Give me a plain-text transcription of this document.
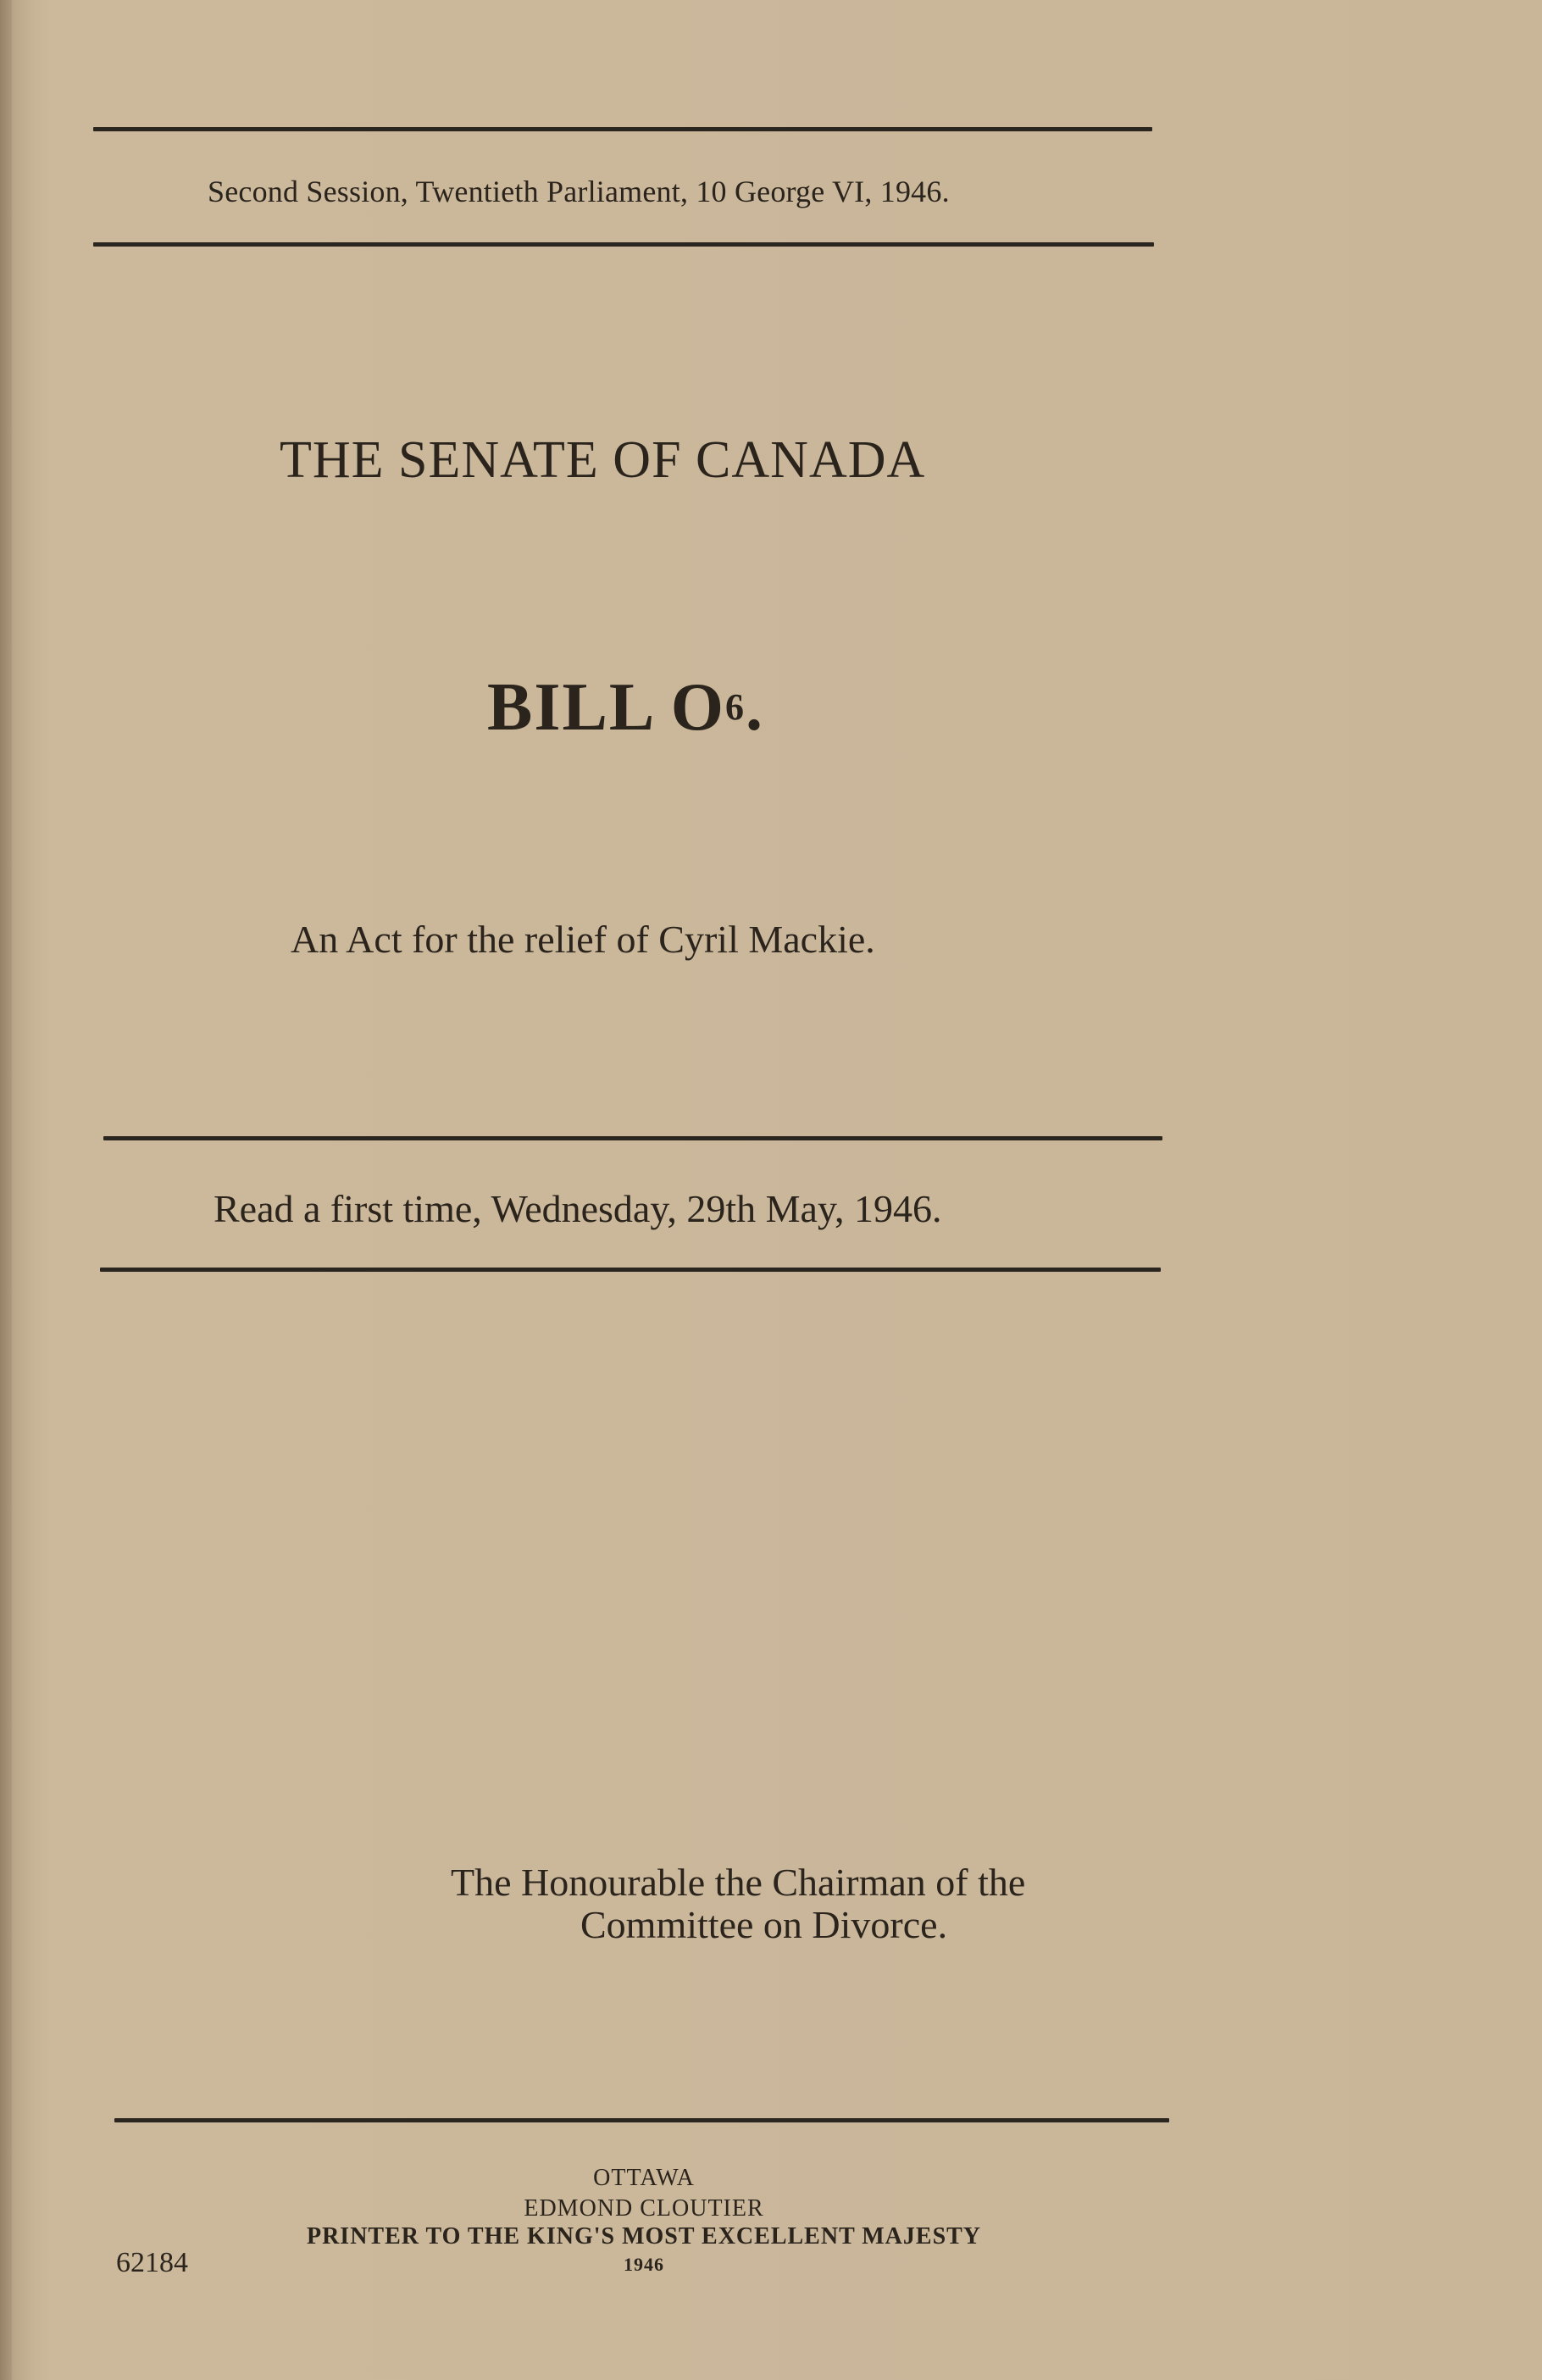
Second Session, Twentieth Parliament, 10 George VI, 1946.
THE SENATE OF CANADA
BILL $O^6$.
An Act for the relief of Cyril Mackie.
Read a first time, Wednesday, 29th May, 1946.
The Honourable the Chairman of the
Committee on Divorce.
OTTAWA
EDMOND CLOUTIER
PRINTER TO THE KING'S MOST EXCELLENT MAJESTY
1946
62184
